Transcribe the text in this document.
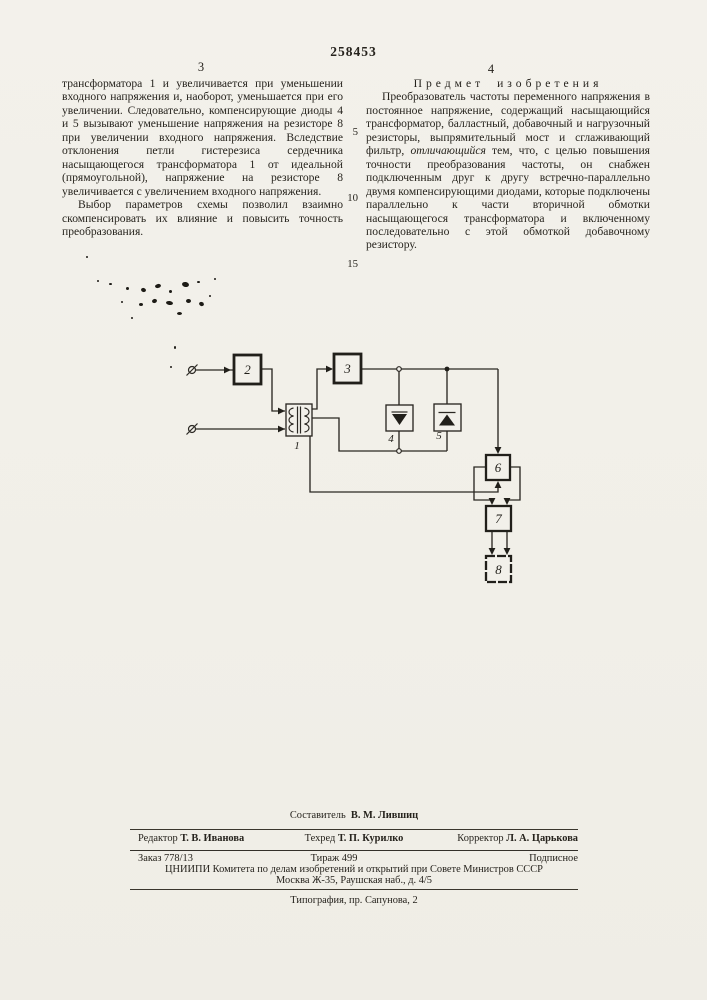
258453
3	4

трансформатора 1 и увеличивается при уменьшении входного напряжения и, наоборот, уменьшается при его увеличении. Следовательно, компенсирующие диоды 4 и 5 вызывают уменьшение напряжения на резисторе 8 при увеличении входного напряжения. Вследствие отклонения петли гистерезиса сердечника насыщающегося трансформатора 1 от идеальной (прямоугольной), напряжение на резисторе 8 увеличивается с увеличением входного напряжения.

Выбор параметров схемы позволил взаимно скомпенсировать их влияние и повысить точность преобразования.

Предмет изобретения

Преобразователь частоты переменного напряжения в постоянное напряжение, содержащий насыщающийся трансформатор, балластный, добавочный и нагрузочный резисторы, выпрямительный мост и сглаживающий фильтр, отличающийся тем, что, с целью повышения точности преобразования частоты, он снабжен подключенным друг к другу встречно-параллельно двумя компенсирующими диодами, которые подключены параллельно к части вторичной обмотки насыщающегося трансформатора и включенному последовательно с этой обмоткой добавочному резистору.

5
10
15
2	3
1
4	5
6
7
8
Составитель В. М. Лившиц
Редактор Т. В. Иванова	Техред Т. П. Курилко	Корректор Л. А. Царькова
Заказ 778/13	Тираж 499	Подписное
ЦНИИПИ Комитета по делам изобретений и открытий при Совете Министров СССР
Москва Ж-35, Раушская наб., д. 4/5
Типография, пр. Сапунова, 2
